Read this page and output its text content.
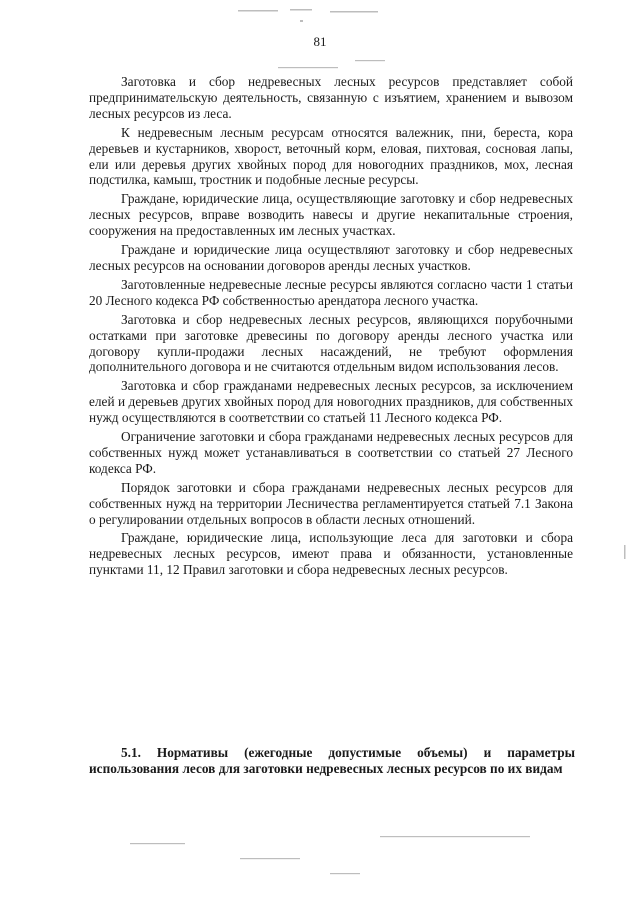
81

Заготовка и сбор недревесных лесных ресурсов представляет собой предпринимательскую деятельность, связанную с изъятием, хранением и вывозом лесных ресурсов из леса.

К недревесным лесным ресурсам относятся валежник, пни, береста, кора деревьев и кустарников, хворост, веточный корм, еловая, пихтовая, сосновая лапы, ели или деревья других хвойных пород для новогодних праздников, мох, лесная подстилка, камыш, тростник и подобные лесные ресурсы.

Граждане, юридические лица, осуществляющие заготовку и сбор недревесных лесных ресурсов, вправе возводить навесы и другие некапитальные строения, сооружения на предоставленных им лесных участках.

Граждане и юридические лица осуществляют заготовку и сбор недревесных лесных ресурсов на основании договоров аренды лесных участков.

Заготовленные недревесные лесные ресурсы являются согласно части 1 статьи 20 Лесного кодекса РФ собственностью арендатора лесного участка.

Заготовка и сбор недревесных лесных ресурсов, являющихся порубочными остатками при заготовке древесины по договору аренды лесного участка или договору купли-продажи лесных насаждений, не требуют оформления дополнительного договора и не считаются отдельным видом использования лесов.

Заготовка и сбор гражданами недревесных лесных ресурсов, за исключением елей и деревьев других хвойных пород для новогодних праздников, для собственных нужд осуществляются в соответствии со статьей 11 Лесного кодекса РФ.

Ограничение заготовки и сбора гражданами недревесных лесных ресурсов для собственных нужд может устанавливаться в соответствии со статьей 27 Лесного кодекса РФ.

Порядок заготовки и сбора гражданами недревесных лесных ресурсов для собственных нужд на территории Лесничества регламентируется статьей 7.1 Закона о регулировании отдельных вопросов в области лесных отношений.

Граждане, юридические лица, использующие леса для заготовки и сбора недревесных лесных ресурсов, имеют права и обязанности, установленные пунктами 11, 12 Правил заготовки и сбора недревесных лесных ресурсов.

5.1. Нормативы (ежегодные допустимые объемы) и параметры использования лесов для заготовки недревесных лесных ресурсов по их видам
